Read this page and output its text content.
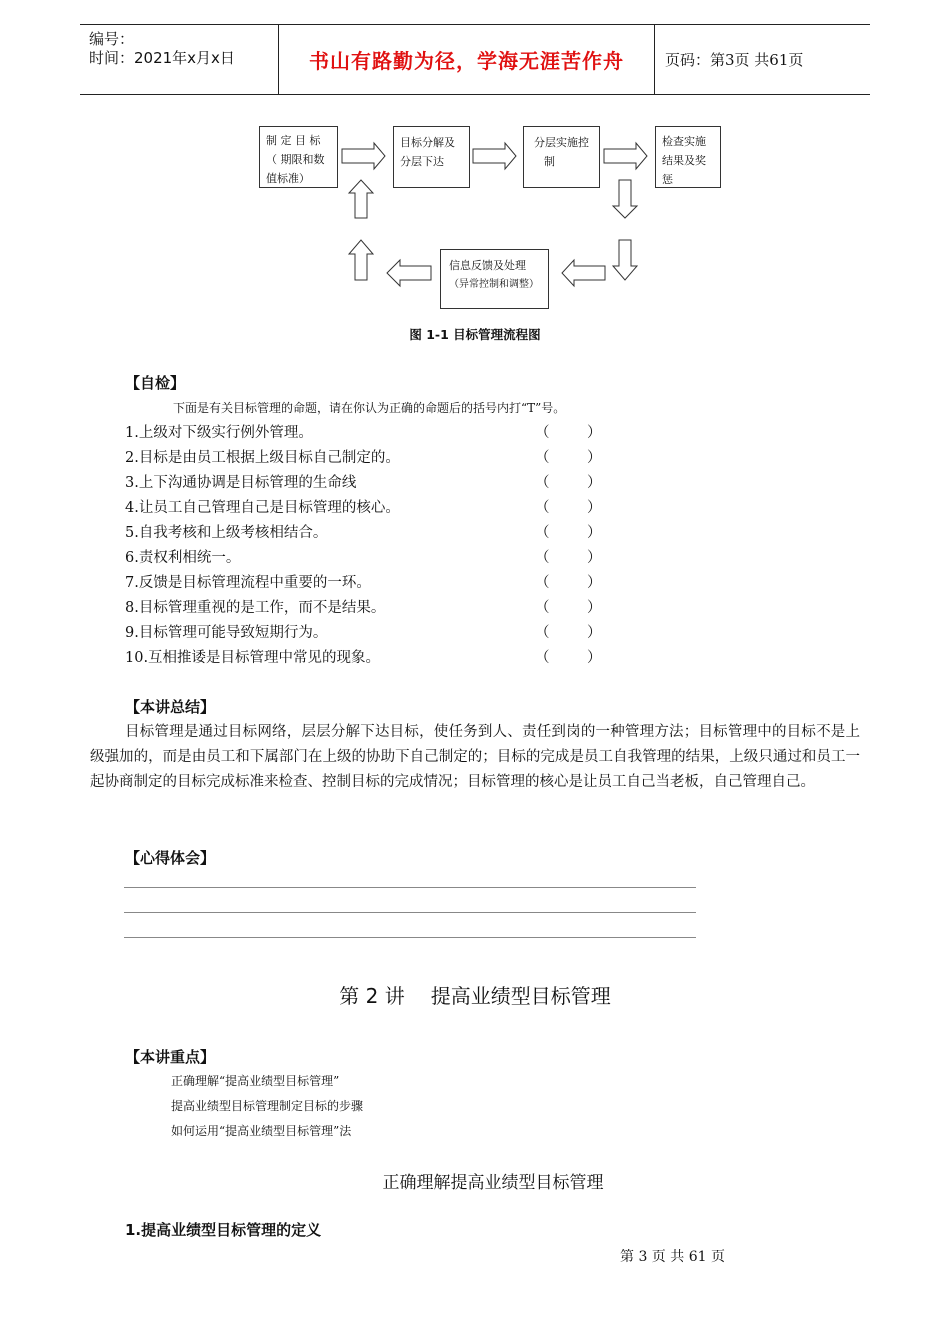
编号：
时间：2021年x月x日	书山有路勤为径，学海无涯苦作舟	页码：第3页 共61页
制 定 目 标
（ 期限和数
值标准）
目标分解及
分层下达
分层实施控
制
检查实施
结果及奖
惩
信息反馈及处理
（异常控制和调整）
图 1-1 目标管理流程图
【自检】
下面是有关目标管理的命题，请在你认为正确的命题后的括号内打“T”号。
1.上级对下级实行例外管理。	（	）
2.目标是由员工根据上级目标自己制定的。	（	）
3.上下沟通协调是目标管理的生命线	（	）
4.让员工自己管理自己是目标管理的核心。	（	）
5.自我考核和上级考核相结合。	（	）
6.责权利相统一。	（	）
7.反馈是目标管理流程中重要的一环。	（	）
8.目标管理重视的是工作，而不是结果。	（	）
9.目标管理可能导致短期行为。	（	）
10.互相推诿是目标管理中常见的现象。	（	）
【本讲总结】
目标管理是通过目标网络，层层分解下达目标，使任务到人、责任到岗的一种管理方法；目标管理中的目标不是上级强加的，而是由员工和下属部门在上级的协助下自己制定的；目标的完成是员工自我管理的结果，上级只通过和员工一起协商制定的目标完成标准来检查、控制目标的完成情况；目标管理的核心是让员工自己当老板，自己管理自己。
【心得体会】
第 2 讲 提高业绩型目标管理
【本讲重点】
正确理解“提高业绩型目标管理”
提高业绩型目标管理制定目标的步骤
如何运用“提高业绩型目标管理”法
正确理解提高业绩型目标管理
1.提高业绩型目标管理的定义
第 3 页 共 61 页
